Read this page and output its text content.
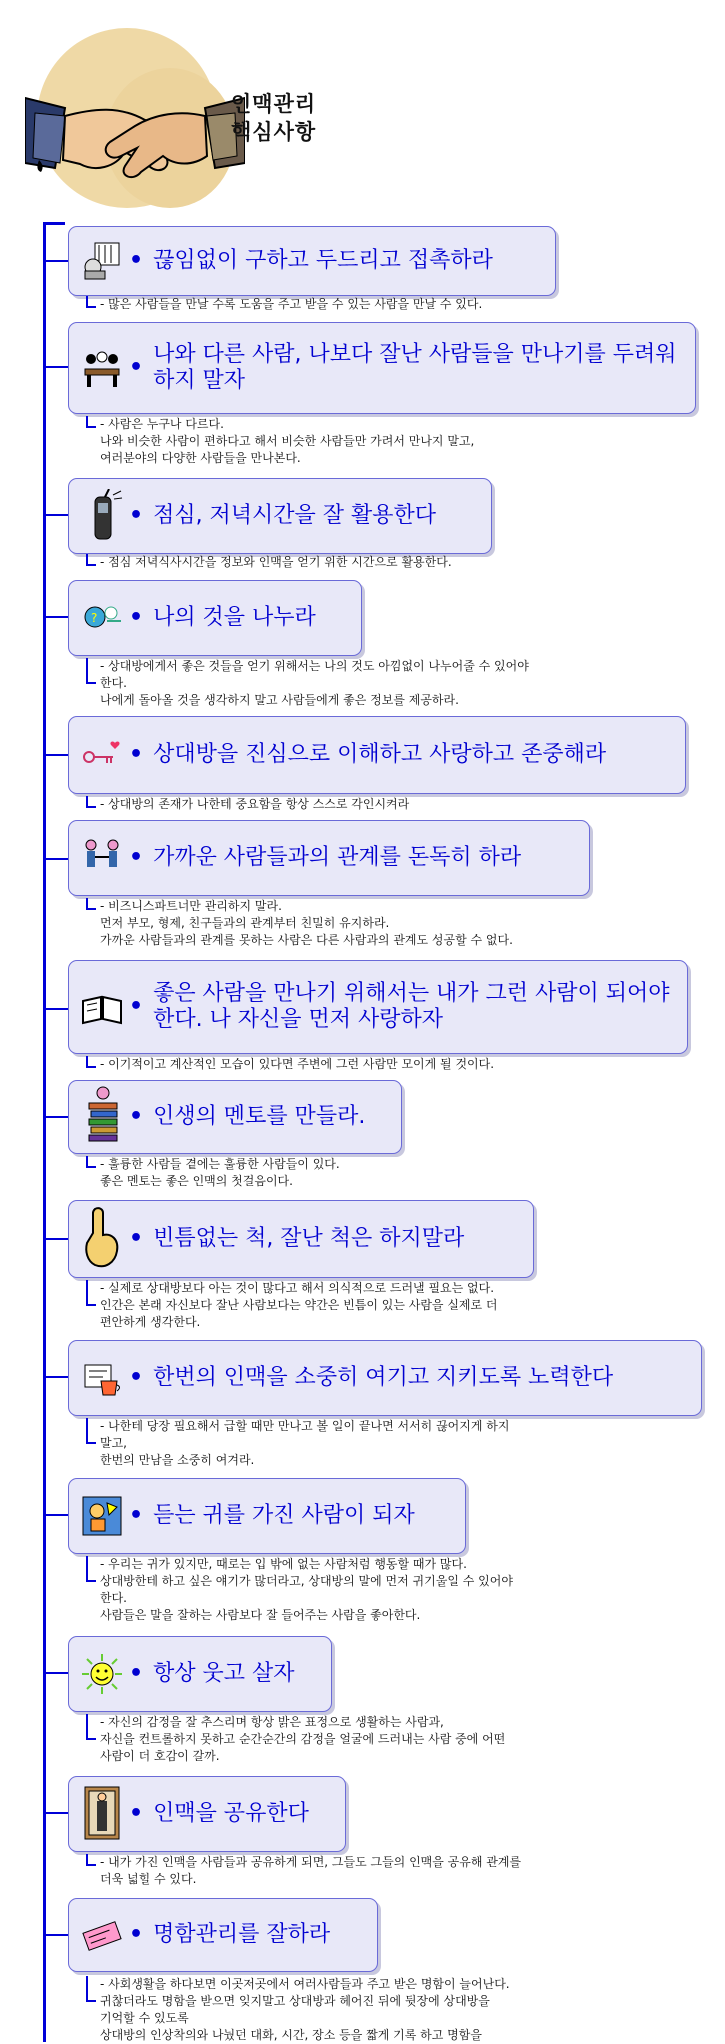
인맥관리
핵심사항
• 끊임없이 구하고 두드리고 접촉하라
- 많은 사람들을 만날 수록 도움을 주고 받을 수 있는 사람을 만날 수 있다.
•
나와 다른 사람, 나보다 잘난 사람들을 만나기를 두려워하지 말자
- 사람은 누구나 다르다.
나와 비슷한 사람이 편하다고 해서 비슷한 사람들만 가려서 만나지 말고,
여러분야의 다양한 사람들을 만나본다.
• 점심, 저녁시간을 잘 활용한다
- 점심 저녁식사시간을 정보와 인맥을 얻기 위한 시간으로 활용한다.
? • 나의 것을 나누라
- 상대방에게서 좋은 것들을 얻기 위해서는 나의 것도 아낌없이 나누어줄 수 있어야
한다.
나에게 돌아올 것을 생각하지 말고 사람들에게 좋은 정보를 제공하라.
• 상대방을 진심으로 이해하고 사랑하고 존중해라
- 상대방의 존재가 나한테 중요함을 항상 스스로 각인시켜라
• 가까운 사람들과의 관계를 돈독히 하라
- 비즈니스파트너만 관리하지 말라.
먼저 부모, 형제, 친구들과의 관계부터 친밀히 유지하라.
가까운 사람들과의 관계를 못하는 사람은 다른 사람과의 관계도 성공할 수 없다.
•
좋은 사람을 만나기 위해서는 내가 그런 사람이 되어야 한다. 나 자신을 먼저 사랑하자
- 이기적이고 계산적인 모습이 있다면 주변에 그런 사람만 모이게 될 것이다.
• 인생의 멘토를 만들라.
- 훌륭한 사람들 곁에는 훌륭한 사람들이 있다.
좋은 멘토는 좋은 인맥의 첫걸음이다.
• 빈틈없는 척, 잘난 척은 하지말라
- 실제로 상대방보다 아는 것이 많다고 해서 의식적으로 드러낼 필요는 없다.
인간은 본래 자신보다 잘난 사람보다는 약간은 빈틈이 있는 사람을 실제로 더
편안하게 생각한다.
• 한번의 인맥을 소중히 여기고 지키도록 노력한다
- 나한테 당장 필요해서 급할 때만 만나고 볼 일이 끝나면 서서히 끊어지게 하지
말고,
한번의 만남을 소중히 여겨라.
• 듣는 귀를 가진 사람이 되자
- 우리는 귀가 있지만, 때로는 입 밖에 없는 사람처럼 행동할 때가 많다.
상대방한테 하고 싶은 얘기가 많더라고, 상대방의 말에 먼저 귀기울일 수 있어야
한다.
사람들은 말을 잘하는 사람보다 잘 들어주는 사람을 좋아한다.
• 항상 웃고 살자
- 자신의 감정을 잘 추스리며 항상 밝은 표정으로 생활하는 사람과,
자신을 컨트롤하지 못하고 순간순간의 감정을 얼굴에 드러내는 사람 중에 어떤
사람이 더 호감이 갈까.
• 인맥을 공유한다
- 내가 가진 인맥을 사람들과 공유하게 되면, 그들도 그들의 인맥을 공유해 관계를
더욱 넓힐 수 있다.
• 명함관리를 잘하라
- 사회생활을 하다보면 이곳저곳에서 여러사람들과 주고 받은 명함이 늘어난다.
귀찮더라도 명함을 받으면 잊지말고 상대방과 헤어진 뒤에 뒷장에 상대방을
기억할 수 있도록
상대방의 인상착의와 나눴던 대화, 시간, 장소 등을 짧게 기록 하고 명함을
